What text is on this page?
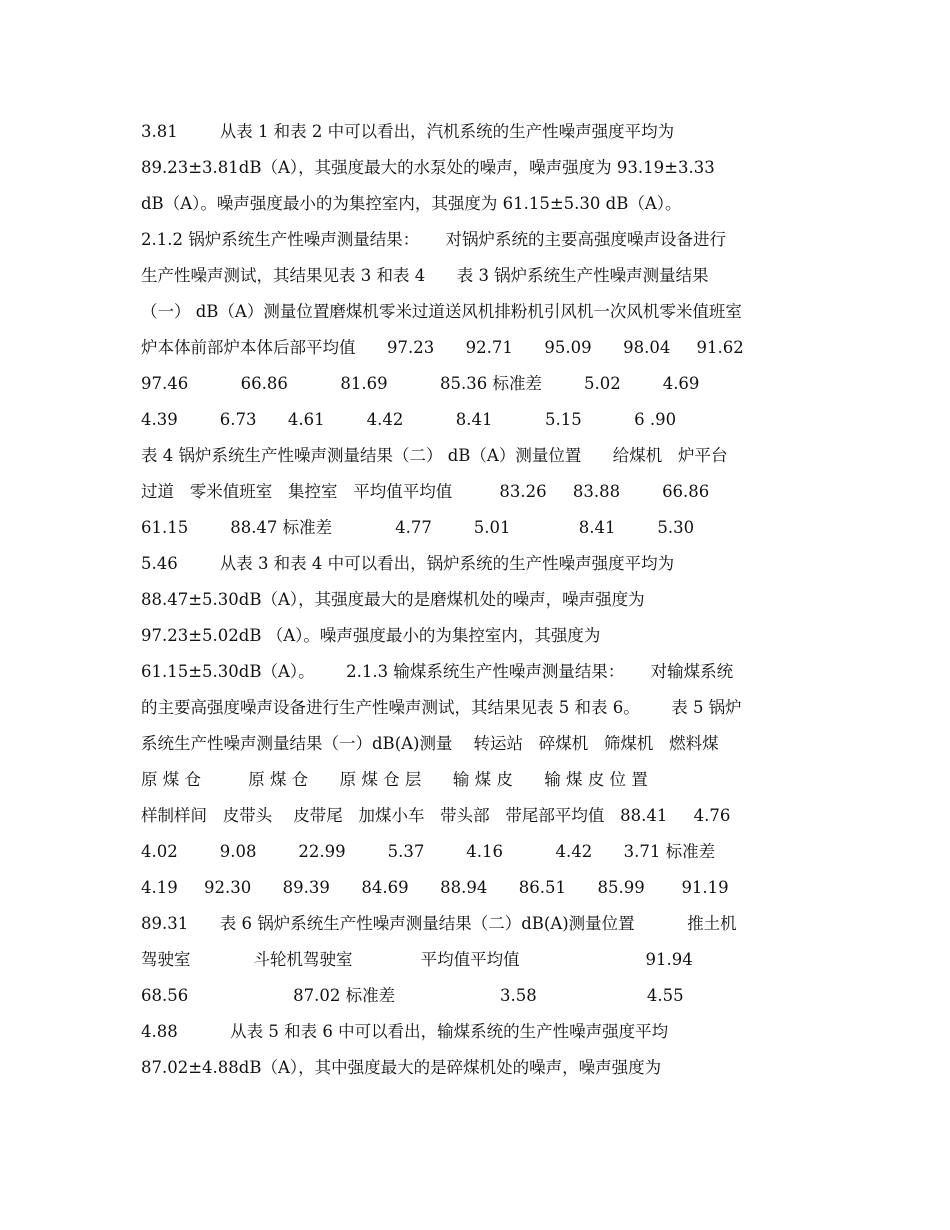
3.81        从表 1 和表 2 中可以看出，汽机系统的生产性噪声强度平均为
89.23±3.81dB（A），其强度最大的水泵处的噪声，噪声强度为 93.19±3.33
dB（A）。噪声强度最小的为集控室内，其强度为 61.15±5.30 dB（A）。
2.1.2 锅炉系统生产性噪声测量结果：     对锅炉系统的主要高强度噪声设备进行
生产性噪声测试，其结果见表 3 和表 4      表 3 锅炉系统生产性噪声测量结果
（一） dB（A）测量位置磨煤机零米过道送风机排粉机引风机一次风机零米值班室
炉本体前部炉本体后部平均值      97.23      92.71      95.09      98.04     91.62
97.46          66.86          81.69          85.36 标准差        5.02        4.69
4.39        6.73      4.61        4.42          8.41          5.15          6 .90
表 4 锅炉系统生产性噪声测量结果（二） dB（A）测量位置      给煤机   炉平台
过道   零米值班室   集控室   平均值平均值         83.26     83.88        66.86
61.15        88.47 标准差            4.77        5.01             8.41        5.30
5.46        从表 3 和表 4 中可以看出，锅炉系统的生产性噪声强度平均为
88.47±5.30dB（A），其强度最大的是磨煤机处的噪声，噪声强度为
97.23±5.02dB （A）。噪声强度最小的为集控室内，其强度为
61.15±5.30dB（A）。      2.1.3 输煤系统生产性噪声测量结果：     对输煤系统
的主要高强度噪声设备进行生产性噪声测试，其结果见表 5 和表 6。      表 5 锅炉
系统生产性噪声测量结果（一）dB(A)测量    转运站   碎煤机   筛煤机   燃料煤
原 煤 仓         原 煤 仓      原 煤 仓 层      输 煤 皮      输 煤 皮 位 置
样制样间   皮带头    皮带尾   加煤小车   带头部   带尾部平均值   88.41     4.76
4.02        9.08        22.99        5.37        4.16          4.42      3.71 标准差
4.19     92.30      89.39      84.69      88.94      86.51      85.99       91.19
89.31      表 6 锅炉系统生产性噪声测量结果（二）dB(A)测量位置          推土机
驾驶室            斗轮机驾驶室             平均值平均值                        91.94
68.56                    87.02 标准差                    3.58                     4.55
4.88          从表 5 和表 6 中可以看出，输煤系统的生产性噪声强度平均
87.02±4.88dB（A），其中强度最大的是碎煤机处的噪声，噪声强度为
